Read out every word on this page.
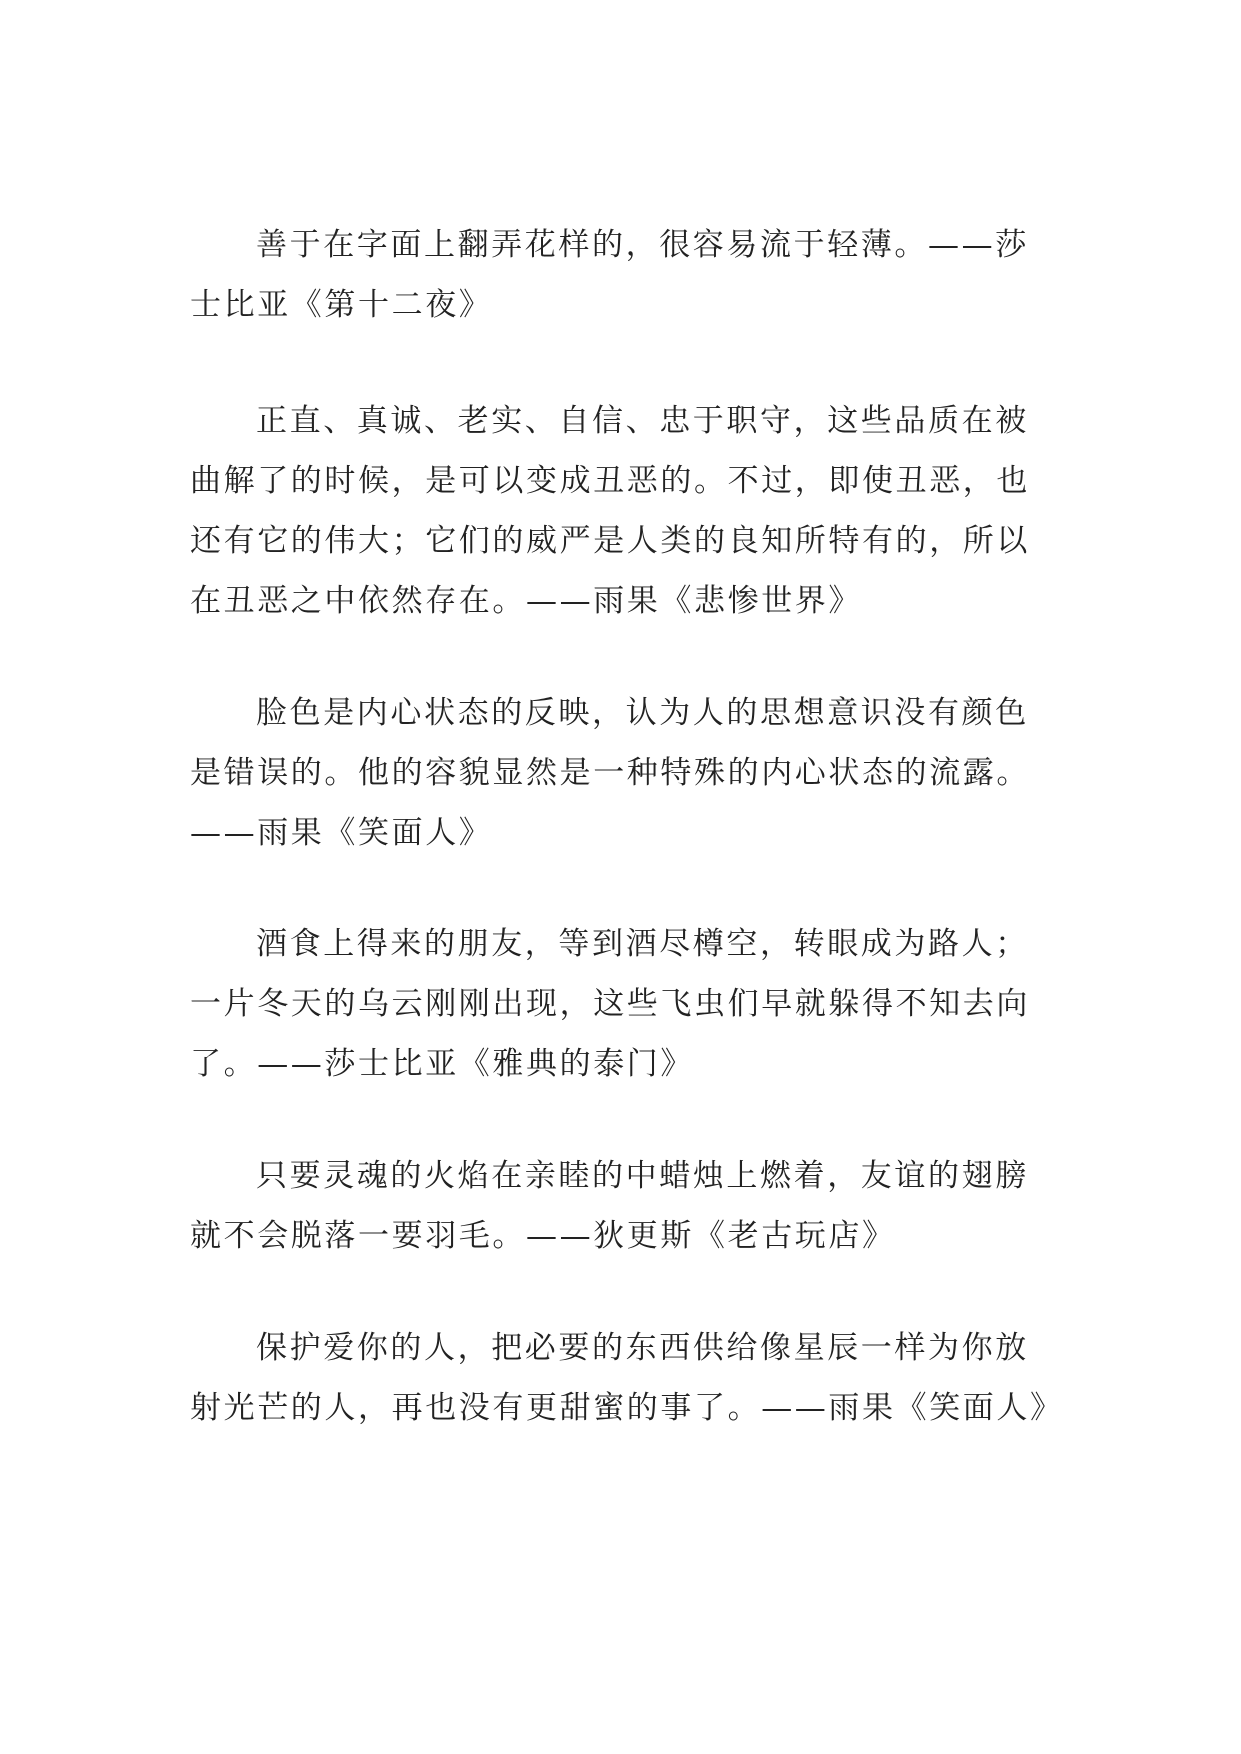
善于在字面上翻弄花样的，很容易流于轻薄。——莎士比亚《第十二夜》

正直、真诚、老实、自信、忠于职守，这些品质在被曲解了的时候，是可以变成丑恶的。不过，即使丑恶，也还有它的伟大；它们的威严是人类的良知所特有的，所以在丑恶之中依然存在。——雨果《悲惨世界》

脸色是内心状态的反映，认为人的思想意识没有颜色是错误的。他的容貌显然是一种特殊的内心状态的流露。——雨果《笑面人》

酒食上得来的朋友，等到酒尽樽空，转眼成为路人；一片冬天的乌云刚刚出现，这些飞虫们早就躲得不知去向了。——莎士比亚《雅典的泰门》

只要灵魂的火焰在亲睦的中蜡烛上燃着，友谊的翅膀就不会脱落一要羽毛。——狄更斯《老古玩店》

保护爱你的人，把必要的东西供给像星辰一样为你放射光芒的人，再也没有更甜蜜的事了。——雨果《笑面人》
